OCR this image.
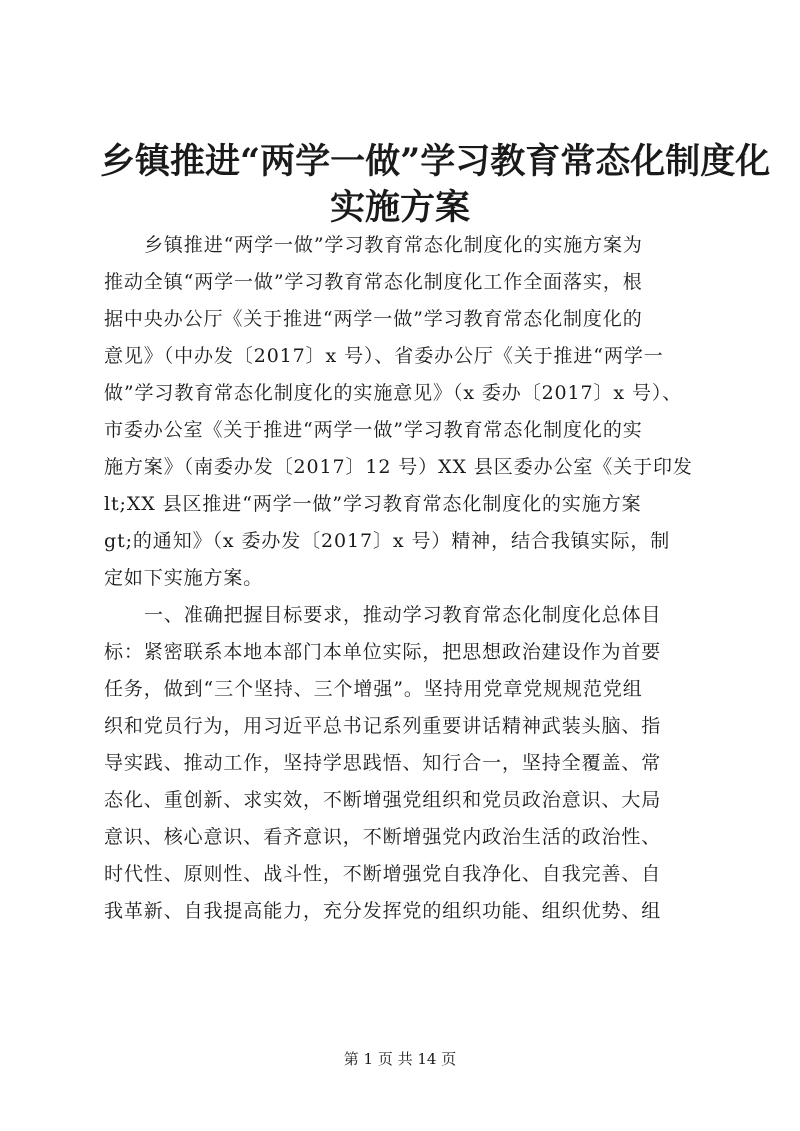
乡镇推进“两学一做”学习教育常态化制度化
实施方案
乡镇推进“两学一做”学习教育常态化制度化的实施方案为
推动全镇“两学一做”学习教育常态化制度化工作全面落实，根
据中央办公厅《关于推进“两学一做”学习教育常态化制度化的
意见》（中办发〔2017〕x 号）、省委办公厅《关于推进“两学一
做”学习教育常态化制度化的实施意见》（x 委办〔2017〕x 号）、
市委办公室《关于推进“两学一做”学习教育常态化制度化的实
施方案》（南委办发〔2017〕12 号）XX 县区委办公室《关于印发
lt;XX 县区推进“两学一做”学习教育常态化制度化的实施方案
gt;的通知》（x 委办发〔2017〕x 号）精神，结合我镇实际，制
定如下实施方案。
一、准确把握目标要求，推动学习教育常态化制度化总体目
标：紧密联系本地本部门本单位实际，把思想政治建设作为首要
任务，做到“三个坚持、三个增强”。坚持用党章党规规范党组
织和党员行为，用习近平总书记系列重要讲话精神武装头脑、指
导实践、推动工作，坚持学思践悟、知行合一，坚持全覆盖、常
态化、重创新、求实效，不断增强党组织和党员政治意识、大局
意识、核心意识、看齐意识，不断增强党内政治生活的政治性、
时代性、原则性、战斗性，不断增强党自我净化、自我完善、自
我革新、自我提高能力，充分发挥党的组织功能、组织优势、组
第 1 页 共 14 页
